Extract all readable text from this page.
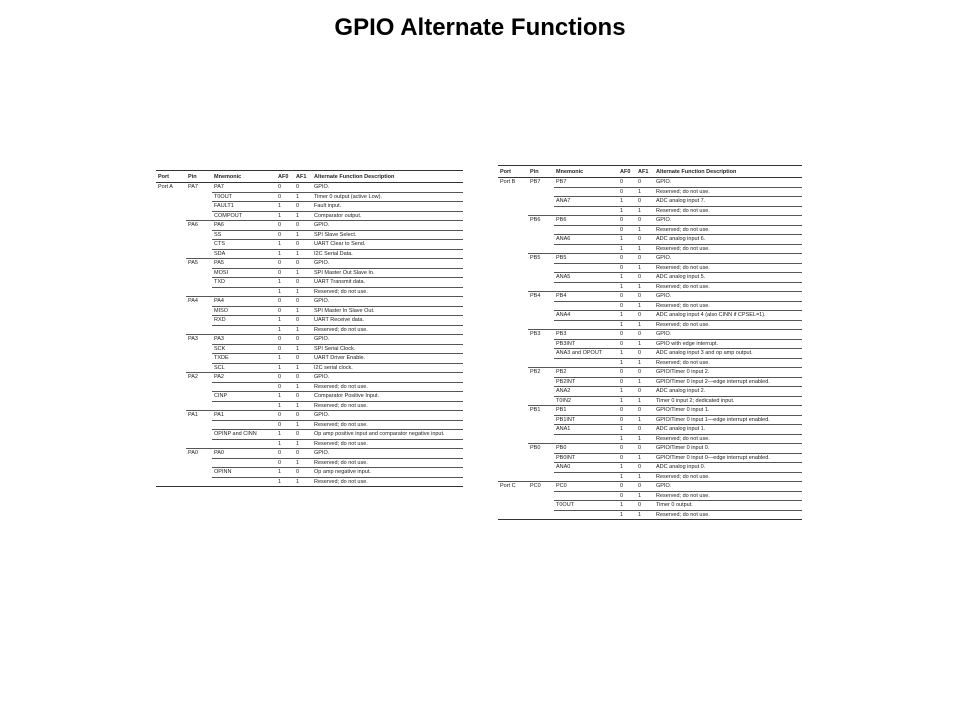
GPIO Alternate Functions
Port	Pin	Mnemonic	AF0	AF1	Alternate Function Description
Port A	PA7	PA7	0	0	GPIO.
		T0OUT	0	1	Timer 0 output (active Low).
		FAULT1	1	0	Fault input.
		COMPOUT	1	1	Comparator output.
	PA6	PA6	0	0	GPIO.
		SS	0	1	SPI Slave Select.
		CTS	1	0	UART Clear to Send.
		SDA	1	1	I2C Serial Data.
	PA5	PA5	0	0	GPIO.
		MOSI	0	1	SPI Master Out Slave In.
		TXD	1	0	UART Transmit data.
			1	1	Reserved; do not use.
	PA4	PA4	0	0	GPIO.
		MISO	0	1	SPI Master In Slave Out.
		RXD	1	0	UART Receive data.
			1	1	Reserved; do not use.
	PA3	PA3	0	0	GPIO.
		SCK	0	1	SPI Serial Clock.
		TXDE	1	0	UART Driver Enable.
		SCL	1	1	I2C serial clock.
	PA2	PA2	0	0	GPIO.
			0	1	Reserved; do not use.
		CINP	1	0	Comparator Positive Input.
			1	1	Reserved; do not use.
	PA1	PA1	0	0	GPIO.
			0	1	Reserved; do not use.
		OPINP and CINN	1	0	Op amp positive input and comparator negative input.
			1	1	Reserved; do not use.
	PA0	PA0	0	0	GPIO.
			0	1	Reserved; do not use.
		OPINN	1	0	Op amp negative input.
			1	1	Reserved; do not use.
Port	Pin	Mnemonic	AF0	AF1	Alternate Function Description
Port B	PB7	PB7	0	0	GPIO.
			0	1	Reserved; do not use.
		ANA7	1	0	ADC analog input 7.
			1	1	Reserved; do not use.
	PB6	PB6	0	0	GPIO.
			0	1	Reserved; do not use.
		ANA6	1	0	ADC analog input 6.
			1	1	Reserved; do not use.
	PB5	PB5	0	0	GPIO.
			0	1	Reserved; do not use.
		ANA5	1	0	ADC analog input 5.
			1	1	Reserved; do not use.
	PB4	PB4	0	0	GPIO.
			0	1	Reserved; do not use.
		ANA4	1	0	ADC analog input 4 (also CINN if CPSEL=1).
			1	1	Reserved; do not use.
	PB3	PB3	0	0	GPIO.
		PB3INT	0	1	GPIO with edge interrupt.
		ANA3 and OPOUT	1	0	ADC analog input 3 and op amp output.
			1	1	Reserved; do not use.
	PB2	PB2	0	0	GPIO/Timer 0 input 2.
		PB2INT	0	1	GPIO/Timer 0 input 2—edge interrupt enabled.
		ANA2	1	0	ADC analog input 2.
		T0IN2	1	1	Timer 0 input 2; dedicated input.
	PB1	PB1	0	0	GPIO/Timer 0 input 1.
		PB1INT	0	1	GPIO/Timer 0 input 1—edge interrupt enabled.
		ANA1	1	0	ADC analog input 1.
			1	1	Reserved; do not use.
	PB0	PB0	0	0	GPIO/Timer 0 input 0.
		PB0INT	0	1	GPIO/Timer 0 input 0—edge interrupt enabled.
		ANA0	1	0	ADC analog input 0.
			1	1	Reserved; do not use.
Port C	PC0	PC0	0	0	GPIO.
			0	1	Reserved; do not use.
		T0OUT	1	0	Timer 0 output.
			1	1	Reserved; do not use.
